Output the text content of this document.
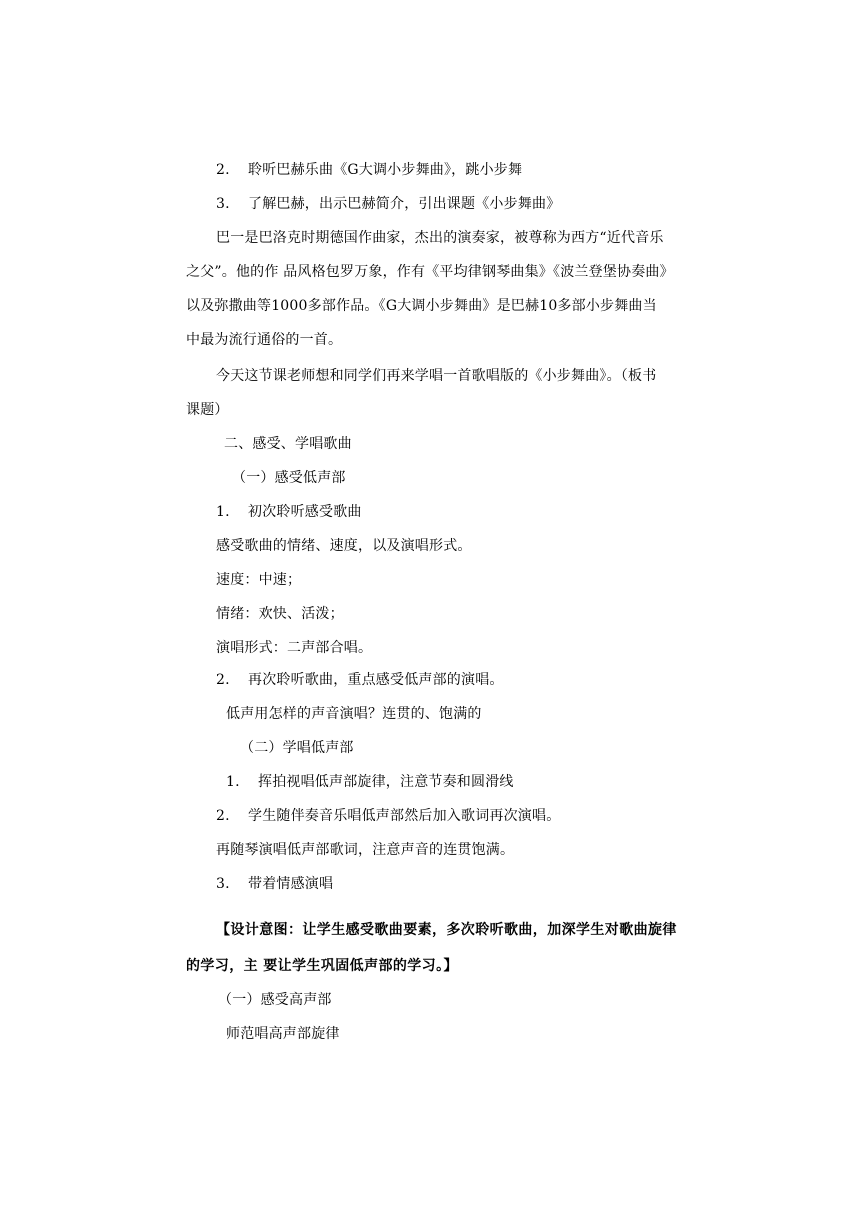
2. 聆听巴赫乐曲《G大调小步舞曲》，跳小步舞
3. 了解巴赫，出示巴赫简介，引出课题《小步舞曲》
巴一是巴洛克时期德国作曲家，杰出的演奏家，被尊称为西方“近代音乐
之父”。他的作 品风格包罗万象，作有《平均律钢琴曲集》《波兰登堡协奏曲》
以及弥撒曲等1000多部作品。《G大调小步舞曲》是巴赫10多部小步舞曲当
中最为流行通俗的一首。
今天这节课老师想和同学们再来学唱一首歌唱版的《小步舞曲》。（板书
课题）
二、感受、学唱歌曲
（一）感受低声部
1. 初次聆听感受歌曲
感受歌曲的情绪、速度，以及演唱形式。
速度：中速；
情绪：欢快、活泼；
演唱形式：二声部合唱。
2. 再次聆听歌曲，重点感受低声部的演唱。
低声用怎样的声音演唱？连贯的、饱满的
（二）学唱低声部
1. 挥拍视唱低声部旋律，注意节奏和圆滑线
2. 学生随伴奏音乐唱低声部然后加入歌词再次演唱。
再随琴演唱低声部歌词，注意声音的连贯饱满。
3. 带着情感演唱
【设计意图：让学生感受歌曲要素，多次聆听歌曲，加深学生对歌曲旋律
的学习，主 要让学生巩固低声部的学习。】
（一）感受高声部
师范唱高声部旋律
